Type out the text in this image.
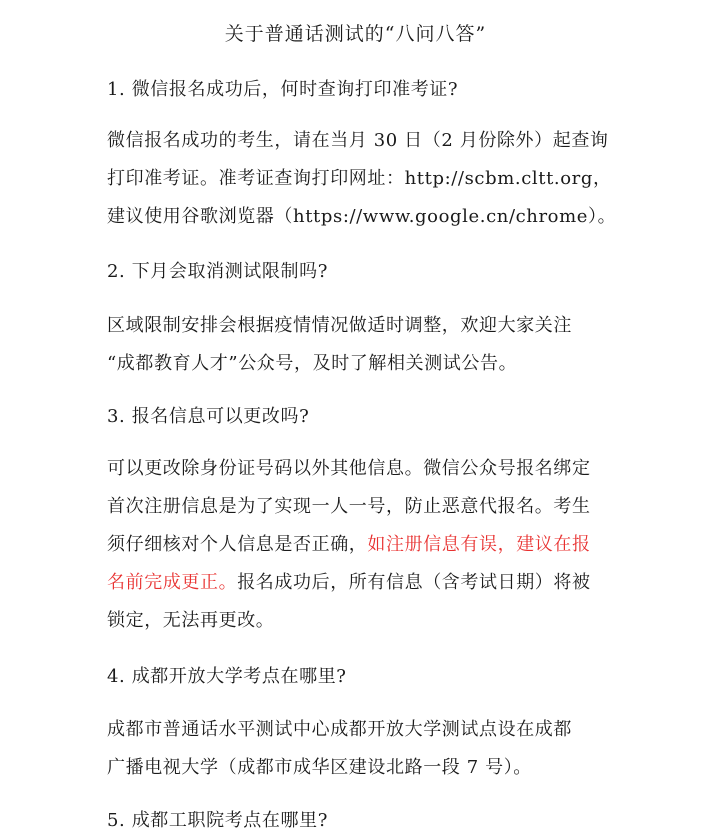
关于普通话测试的“八问八答”
1. 微信报名成功后，何时查询打印准考证?
微信报名成功的考生，请在当月 30 日（2 月份除外）起查询
打印准考证。准考证查询打印网址：http://scbm.cltt.org，
建议使用谷歌浏览器（https://www.google.cn/chrome）。
2. 下月会取消测试限制吗?
区域限制安排会根据疫情情况做适时调整，欢迎大家关注
“成都教育人才”公众号，及时了解相关测试公告。
3. 报名信息可以更改吗?
可以更改除身份证号码以外其他信息。微信公众号报名绑定
首次注册信息是为了实现一人一号，防止恶意代报名。考生
须仔细核对个人信息是否正确，如注册信息有误，建议在报
名前完成更正。报名成功后，所有信息（含考试日期）将被
锁定，无法再更改。
4. 成都开放大学考点在哪里?
成都市普通话水平测试中心成都开放大学测试点设在成都
广播电视大学（成都市成华区建设北路一段 7 号）。
5. 成都工职院考点在哪里?
